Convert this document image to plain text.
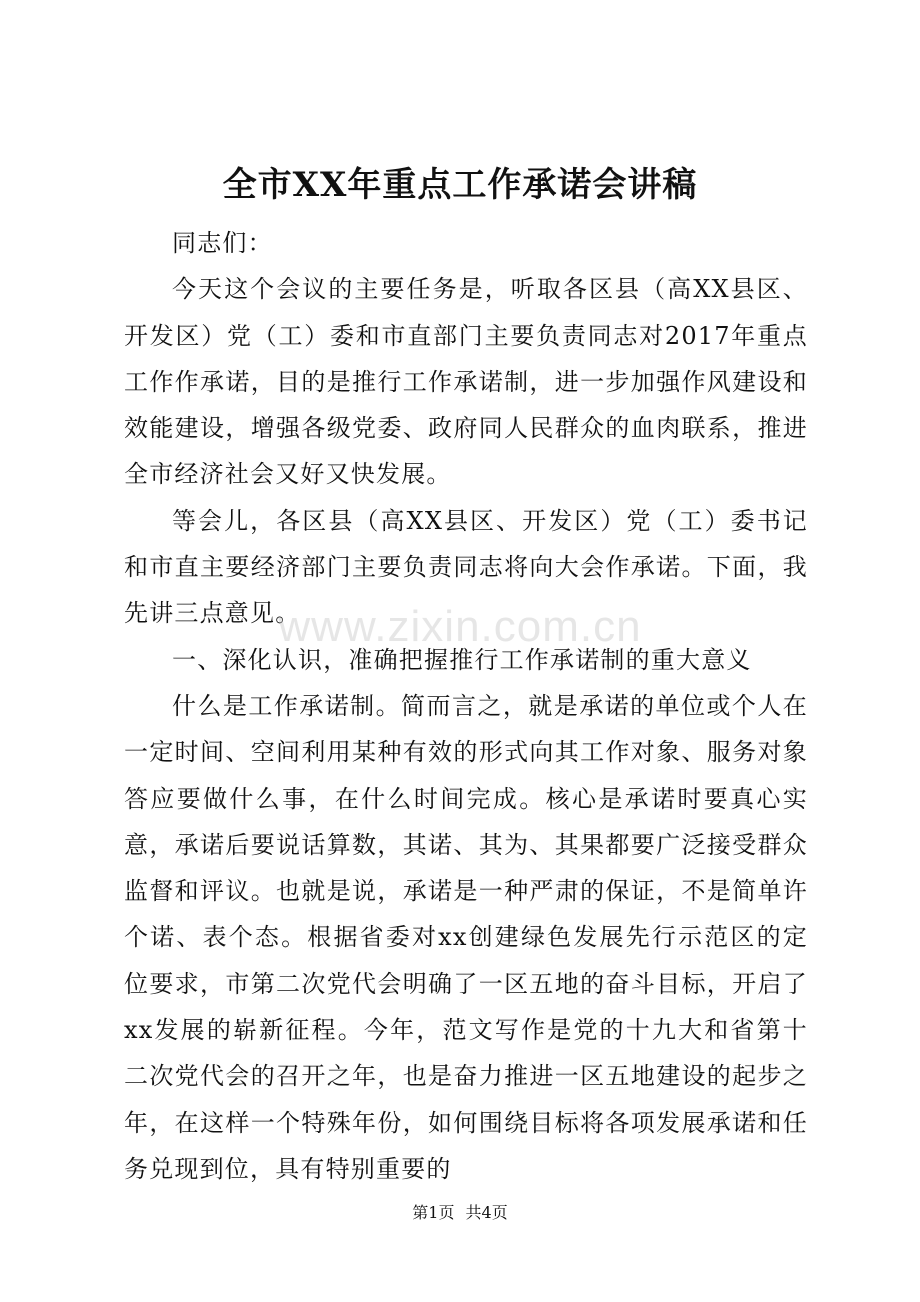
全市XX年重点工作承诺会讲稿

同志们：

今天这个会议的主要任务是，听取各区县（高XX县区、开发区）党（工）委和市直部门主要负责同志对2017年重点工作作承诺，目的是推行工作承诺制，进一步加强作风建设和效能建设，增强各级党委、政府同人民群众的血肉联系，推进全市经济社会又好又快发展。

等会儿，各区县（高XX县区、开发区）党（工）委书记和市直主要经济部门主要负责同志将向大会作承诺。下面，我先讲三点意见。

一、深化认识，准确把握推行工作承诺制的重大意义

什么是工作承诺制。简而言之，就是承诺的单位或个人在一定时间、空间利用某种有效的形式向其工作对象、服务对象答应要做什么事，在什么时间完成。核心是承诺时要真心实意，承诺后要说话算数，其诺、其为、其果都要广泛接受群众监督和评议。也就是说，承诺是一种严肃的保证，不是简单许个诺、表个态。根据省委对xx创建绿色发展先行示范区的定位要求，市第二次党代会明确了一区五地的奋斗目标，开启了xx发展的崭新征程。今年，范文写作是党的十九大和省第十二次党代会的召开之年，也是奋力推进一区五地建设的起步之年，在这样一个特殊年份，如何围绕目标将各项发展承诺和任务兑现到位，具有特别重要的

www.zixin.com.cn
第1页 共4页
